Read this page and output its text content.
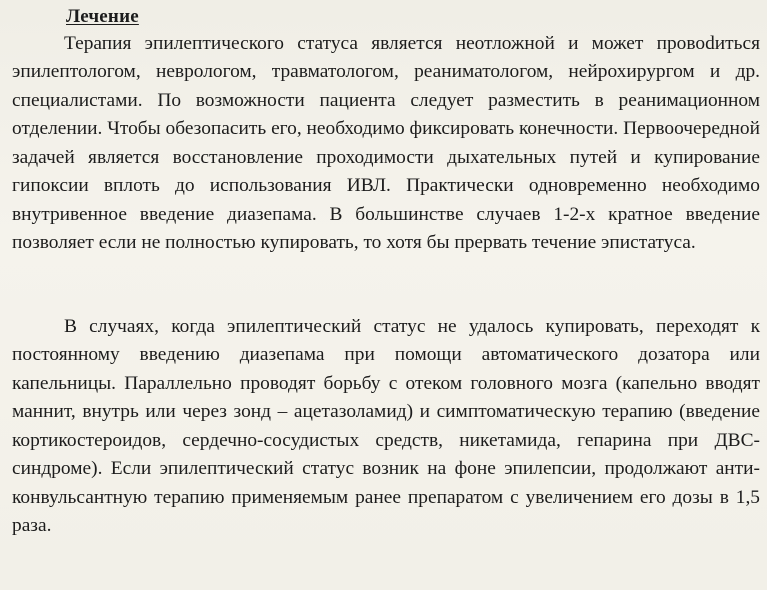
Лечение

Терапия эпилептического статуса является неотложной и может провоdиться эпилептологом, неврологом, травматологом, реаниматологом, нейрохирургом и др. специалистами. По возможности пациента следует разместить в реанимационном отделении. Чтобы обезопасить его, необходимо фиксировать конечности. Первоочередной задачей является восстановление проходимости дыхательных путей и купирование гипоксии вплоть до использования ИВЛ. Практически одновременно необходимо внутривенное введение диазепама. В большинстве случаев 1-2-х кратное введение позволяет если не полностью купировать, то хотя бы прервать течение эпистатуса.

В случаях, когда эпилептический статус не удалось купировать, переходят к постоянному введению диазепама при помощи автоматического дозатора или капельницы. Параллельно проводят борьбу с отеком головного мозга (капельно вводят маннит, внутрь или через зонд – ацетазоламид) и симптоматическую терапию (введение кортикостероидов, сердечно-сосудистых средств, никетамида, гепарина при ДВС-синдроме). Если эпилептический статус возник на фоне эпилепсии, продолжают антиконвульсантную терапию применяемым ранее препаратом с увеличением его дозы в 1,5 раза.
